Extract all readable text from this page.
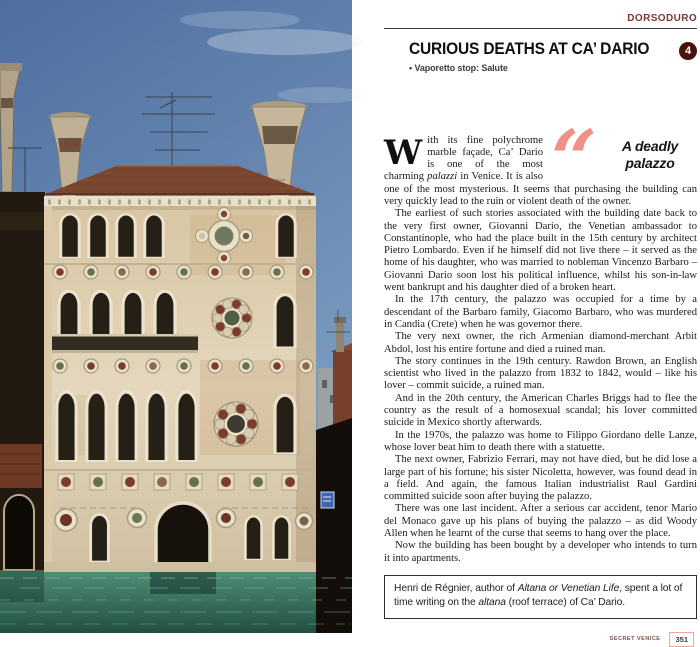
DORSODURO
CURIOUS DEATHS AT CA’ DARIO
• Vaporetto stop: Salute
4

W “	A deadly
palazzo
ith its fine polychrome marble façade, Ca’ Dario is one of the most charming palazzi in Venice. It is also one of the most mysterious. It seems that purchasing the building can very quickly lead to the ruin or violent death of the owner.

The earliest of such stories associated with the building date back to the very first owner, Giovanni Dario, the Venetian ambassador to Constantinople, who had the place built in the 15th century by architect Pietro Lombardo. Even if he himself did not live there – it served as the home of his daughter, who was married to nobleman Vincenzo Barbaro – Giovanni Dario soon lost his political influence, whilst his son-in-law went bankrupt and his daughter died of a broken heart.

In the 17th century, the palazzo was occupied for a time by a descendant of the Barbaro family, Giacomo Barbaro, who was murdered in Candia (Crete) when he was governor there.

The very next owner, the rich Armenian diamond-merchant Arbit Abdol, lost his entire fortune and died a ruined man.

The story continues in the 19th century. Rawdon Brown, an English scientist who lived in the palazzo from 1832 to 1842, would – like his lover – commit suicide, a ruined man.

And in the 20th century, the American Charles Briggs had to flee the country as the result of a homosexual scandal; his lover committed suicide in Mexico shortly afterwards.

In the 1970s, the palazzo was home to Filippo Giordano delle Lanze, whose lover beat him to death there with a statuette.

The next owner, Fabrizio Ferrari, may not have died, but he did lose a large part of his fortune; his sister Nicoletta, however, was found dead in a field. And again, the famous Italian industrialist Raul Gardini committed suicide soon after buying the palazzo.

There was one last incident. After a serious car accident, tenor Mario del Monaco gave up his plans of buying the palazzo – as did Woody Allen when he learnt of the curse that seems to hang over the place.

Now the building has been bought by a developer who intends to turn it into apartments.

Henri de Régnier, author of Altana or Venetian Life, spent a lot of time writing on the altana (roof terrace) of Ca’ Dario.
SECRET VENICE	351
